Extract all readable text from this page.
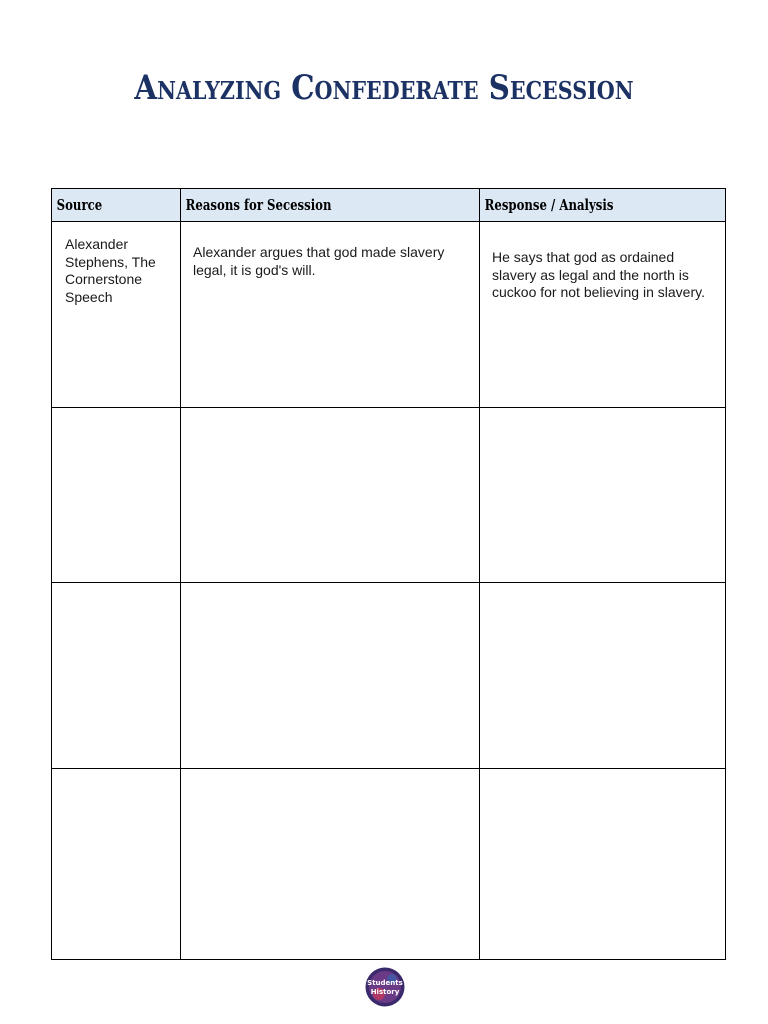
Analyzing Confederate Secession
Source	Reasons for Secession	Response / Analysis

Alexander Stephens, The Cornerstone Speech	Alexander argues that god made slavery legal, it is god's will.	He says that god as ordained slavery as legal and the north is cuckoo for not believing in slavery.

Students
History
